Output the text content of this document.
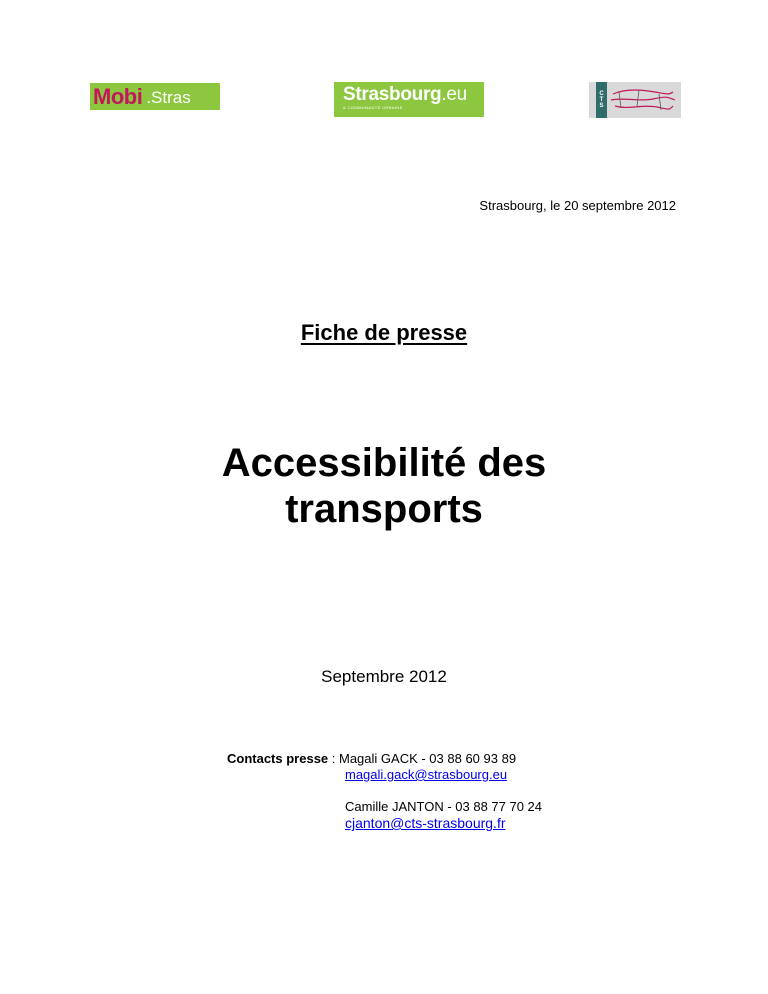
Mobi .Stras	Strasbourg.eu
& COMMUNAUTÉ URBAINE
C
T
S
Strasbourg, le 20 septembre 2012
Fiche de presse
Accessibilité des
transports
Septembre 2012
Contacts presse : Magali GACK - 03 88 60 93 89
magali.gack@strasbourg.eu
Camille JANTON - 03 88 77 70 24
cjanton@cts-strasbourg.fr
